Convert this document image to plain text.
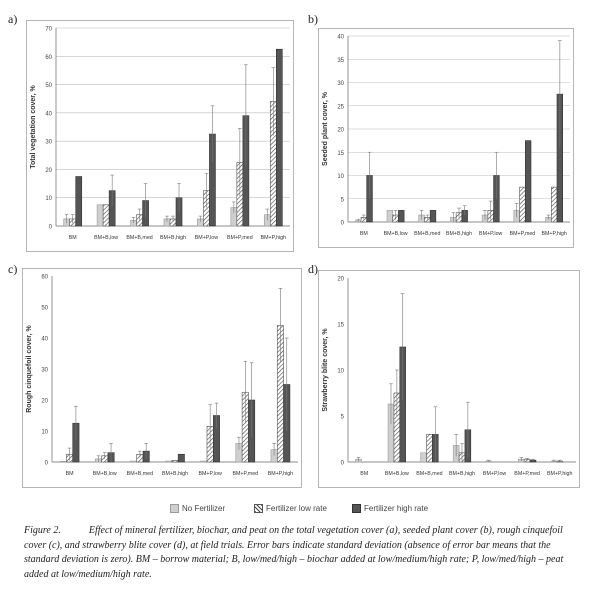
a)
0
10
20
30
40
50
60
70
Total vegetation cover, %
BM	BM+B,low BM+B,med BM+B,high BM+P,low BM+P,med BM+P,high
b)
0
5
10
15
20
25
30
35
40
Seeded plant cover, %
BM	BM+B,low BM+B,med BM+B,high BM+P,low BM+P,med BM+P,high
c)
0
10
20
30
40
50
60
Rough cinquefoil cover, %
BM	BM+B,low BM+B,med BM+B,high BM+P,low BM+P,med BM+P,high
d)
0
5
10
15
20
Strawberry blite cover, %
BM	BM+B,low BM+B,med BM+B,high BM+P,low BM+P,med BM+P,high
No Fertilizer	Fertilizer low rate	Fertilizer high rate
Figure 2.	Effect of mineral fertilizer, biochar, and peat on the total vegetation cover (a), seeded plant cover (b), rough cinquefoil cover (c), and strawberry blite cover (d), at field trials. Error bars indicate standard deviation (absence of error bar means that the standard deviation is zero). BM – borrow material; B, low/med/high – biochar added at low/medium/high rate; P, low/med/high – peat added at low/medium/high rate.
